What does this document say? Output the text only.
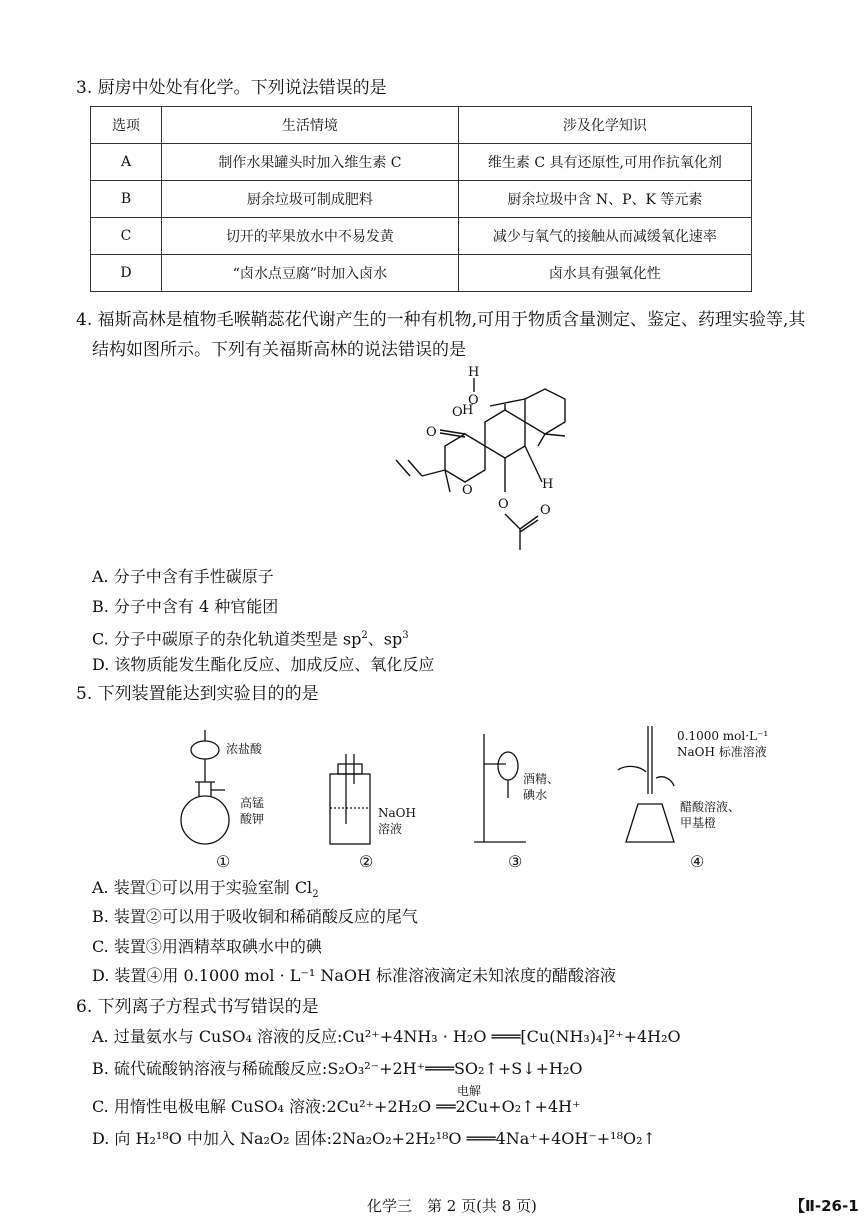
3. 厨房中处处有化学。下列说法错误的是
选项	生活情境	涉及化学知识
A	制作水果罐头时加入维生素 C	维生素 C 具有还原性,可用作抗氧化剂
B	厨余垃圾可制成肥料	厨余垃圾中含 N、P、K 等元素
C	切开的苹果放水中不易发黄	减少与氧气的接触从而减缓氧化速率
D	“卤水点豆腐”时加入卤水	卤水具有强氧化性
4. 福斯高林是植物毛喉鞘蕊花代谢产生的一种有机物,可用于物质含量测定、鉴定、药理实验等,其
结构如图所示。下列有关福斯高林的说法错误的是
H
O
O H
O
O
O O
H
A. 分子中含有手性碳原子
B. 分子中含有 4 种官能团
C. 分子中碳原子的杂化轨道类型是 $sp^2$、$sp^3$
D. 该物质能发生酯化反应、加成反应、氧化反应
5. 下列装置能达到实验目的的是
浓盐酸
高锰
酸钾	NaOH
溶液
酒精、
碘水
0.1000 mol·L⁻¹
NaOH 标准溶液
醋酸溶液、
甲基橙
①	②	③	④
A. 装置①可以用于实验室制 $Cl_2$
B. 装置②可以用于吸收铜和稀硝酸反应的尾气
C. 装置③用酒精萃取碘水中的碘
D. 装置④用 0.1000 mol · L⁻¹ NaOH 标准溶液滴定未知浓度的醋酸溶液
6. 下列离子方程式书写错误的是
A. 过量氨水与 CuSO₄ 溶液的反应:Cu²⁺+4NH₃ · H₂O ═══[Cu(NH₃)₄]²⁺+4H₂O
B. 硫代硫酸钠溶液与稀硫酸反应:S₂O₃²⁻+2H⁺═══SO₂↑+S↓+H₂O
电解
C. 用惰性电极电解 CuSO₄ 溶液:2Cu²⁺+2H₂O ══2Cu+O₂↑+4H⁺
D. 向 H₂¹⁸O 中加入 Na₂O₂ 固体:2Na₂O₂+2H₂¹⁸O ═══4Na⁺+4OH⁻+¹⁸O₂↑
化学三　第 2 页(共 8 页)	【Ⅱ-26-1
